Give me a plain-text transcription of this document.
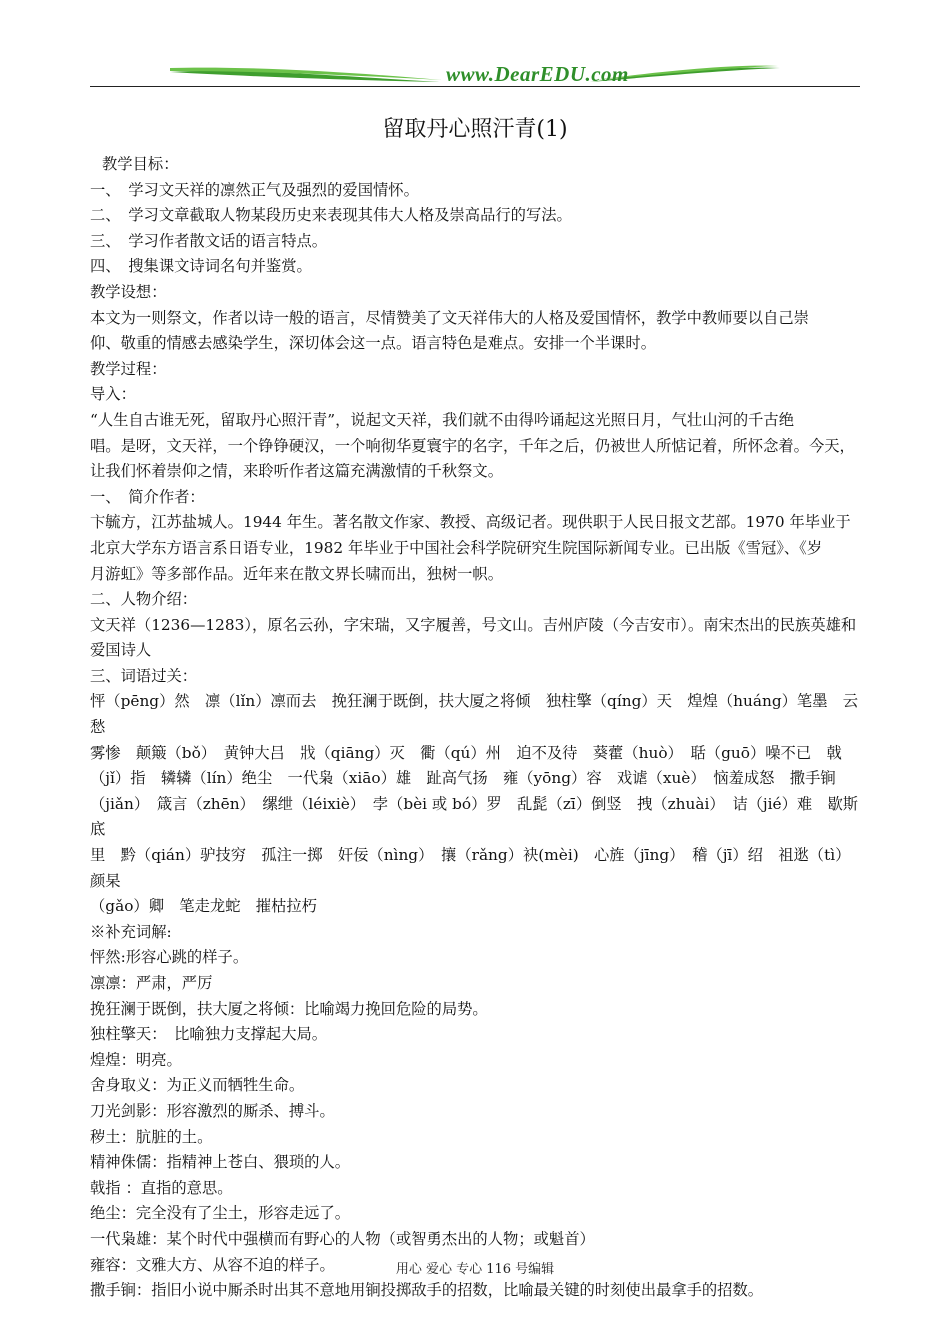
www.DearEDU.com
留取丹心照汗青(1)

教学目标：

一、　学习文天祥的凛然正气及强烈的爱国情怀。

二、　学习文章截取人物某段历史来表现其伟大人格及崇高品行的写法。

三、　学习作者散文话的语言特点。

四、　搜集课文诗词名句并鉴赏。

教学设想：

本文为一则祭文，作者以诗一般的语言，尽情赞美了文天祥伟大的人格及爱国情怀，教学中教师要以自己崇

仰、敬重的情感去感染学生，深切体会这一点。语言特色是难点。安排一个半课时。

教学过程：

导入：

“人生自古谁无死，留取丹心照汗青”，说起文天祥，我们就不由得吟诵起这光照日月，气壮山河的千古绝

唱。是呀，文天祥，一个铮铮硬汉，一个响彻华夏寰宇的名字，千年之后，仍被世人所惦记着，所怀念着。今天，

让我们怀着崇仰之情，来聆听作者这篇充满激情的千秋祭文。

一、　简介作者：

卞毓方，江苏盐城人。1944 年生。著名散文作家、教授、高级记者。现供职于人民日报文艺部。1970 年毕业于

北京大学东方语言系日语专业，1982 年毕业于中国社会科学院研究生院国际新闻专业。已出版《雪冠》、《岁

月游虹》等多部作品。近年来在散文界长啸而出，独树一帜。

二、人物介绍：

文天祥（1236—1283），原名云孙，字宋瑞，又字履善，号文山。吉州庐陵（今吉安市）。南宋杰出的民族英雄和

爱国诗人

三、词语过关：

怦（pēng）然　凛（lǐn）凛而去　挽狂澜于既倒，扶大厦之将倾　独柱擎（qíng）天　煌煌（huáng）笔墨　云愁

雾惨　颠簸（bǒ）　黄钟大吕　戕（qiāng）灭　衢（qú）州　迫不及待　葵藿（huò）　聒（guō）噪不已　戟

（jǐ）指　辚辚（lín）绝尘　一代枭（xiāo）雄　趾高气扬　雍（yōng）容　戏谑（xuè）　恼羞成怒　撒手锏

（jiǎn）　箴言（zhēn）　缧绁（léixiè）　孛（bèi 或 bó）罗　乱髭（zī）倒竖　拽（zhuài）　诘（jié）难　歇斯底

里　黔（qián）驴技穷　孤注一掷　奸佞（nìng）　攘（rǎng）袂(mèi)　心旌（jīng）　稽（jī）绍　祖逖（tì）　颜杲

（gǎo）卿　笔走龙蛇　摧枯拉朽

※补充词解:

怦然:形容心跳的样子。

凛凛：严肃，严厉

挽狂澜于既倒，扶大厦之将倾：比喻竭力挽回危险的局势。

独柱擎天：　比喻独力支撑起大局。

煌煌：明亮。

舍身取义：为正义而牺牲生命。

刀光剑影：形容激烈的厮杀、搏斗。

秽土：肮脏的土。

精神侏儒：指精神上苍白、猥琐的人。

戟指 ：直指的意思。

绝尘：完全没有了尘土，形容走远了。

一代枭雄：某个时代中强横而有野心的人物（或智勇杰出的人物；或魁首）

雍容：文雅大方、从容不迫的样子。

撒手锏：指旧小说中厮杀时出其不意地用锏投掷敌手的招数，比喻最关键的时刻使出最拿手的招数。

用心 爱心 专心 116 号编辑
